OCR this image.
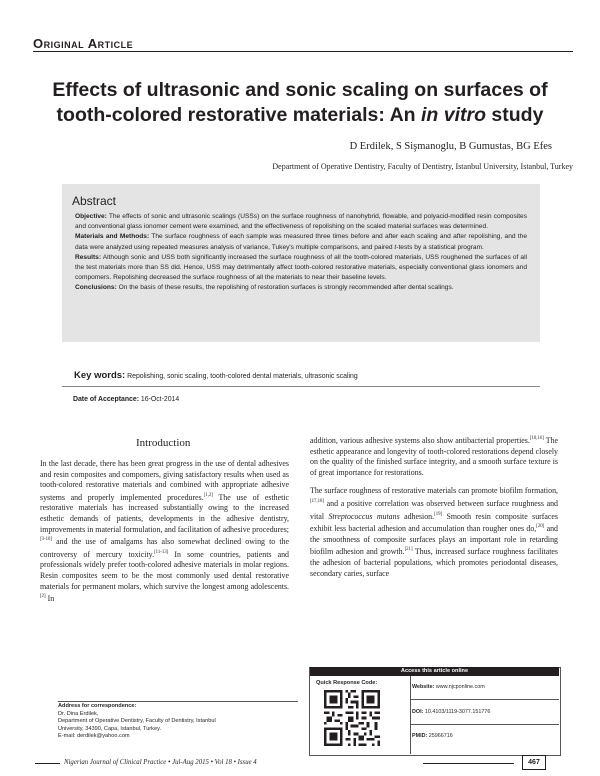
Original Article
Effects of ultrasonic and sonic scaling on surfaces of
tooth-colored restorative materials: An in vitro study
D Erdilek, S Sişmanoglu, B Gumustas, BG Efes
Department of Operative Dentistry, Faculty of Dentistry, Istanbul University, Istanbul, Turkey
Abstract

Objective: The effects of sonic and ultrasonic scalings (USSs) on the surface roughness of nanohybrid, flowable, and polyacid-modified resin composites and conventional glass ionomer cement were examined, and the effectiveness of repolishing on the scaled material surfaces was determined.

Materials and Methods: The surface roughness of each sample was measured three times before and after each scaling and after repolishing, and the data were analyzed using repeated measures analysis of variance, Tukey's multiple comparisons, and paired t-tests by a statistical program.

Results: Although sonic and USS both significantly increased the surface roughness of all the tooth-colored materials, USS roughened the surfaces of all the test materials more than SS did. Hence, USS may detrimentally affect tooth-colored restorative materials, especially conventional glass ionomers and compomers. Repolishing decreased the surface roughness of all the materials to near their baseline levels.

Conclusions: On the basis of these results, the repolishing of restoration surfaces is strongly recommended after dental scalings.

Key words: Repolishing, sonic scaling, tooth-colored dental materials, ultrasonic scaling
Date of Acceptance: 16-Oct-2014
Introduction

In the last decade, there has been great progress in the use of dental adhesives and resin composites and compomers, giving satisfactory results when used as tooth-colored restorative materials and combined with appropriate adhesive systems and properly implemented procedures.[1,2] The use of esthetic restorative materials has increased substantially owing to the increased esthetic demands of patients, developments in the adhesive dentistry, improvements in material formulation, and facilitation of adhesive procedures;[3-10] and the use of amalgams has also somewhat declined owing to the controversy of mercury toxicity.[11-13] In some countries, patients and professionals widely prefer tooth-colored adhesive materials in molar regions. Resin composites seem to be the most commonly used dental restorative materials for permanent molars, which survive the longest among adolescents.[2] In

addition, various adhesive systems also show antibacterial properties.[10,16] The esthetic appearance and longevity of tooth-colored restorations depend closely on the quality of the finished surface integrity, and a smooth surface texture is of great importance for restorations.

The surface roughness of restorative materials can promote biofilm formation,[17,18] and a positive correlation was observed between surface roughness and vital Streptococcus mutans adhesion.[19] Smooth resin composite surfaces exhibit less bacterial adhesion and accumulation than rougher ones do,[20] and the smoothness of composite surfaces plays an important role in retarding biofilm adhesion and growth.[21] Thus, increased surface roughness facilitates the adhesion of bacterial populations, which promotes periodontal diseases, secondary caries, surface

Access this article online
Quick Response Code:
Website: www.njcponline.com
DOI: 10.4103/1119-3077.151776
PMID: 25966716
Address for correspondence:
Dr. Dina Erdilek,
Department of Operative Dentistry, Faculty of Dentistry, Istanbul
University, 34390, Capa, Istanbul, Turkey.
E-mail: derdilek@yahoo.com
Nigerian Journal of Clinical Practice • Jul-Aug 2015 • Vol 18 • Issue 4	467
